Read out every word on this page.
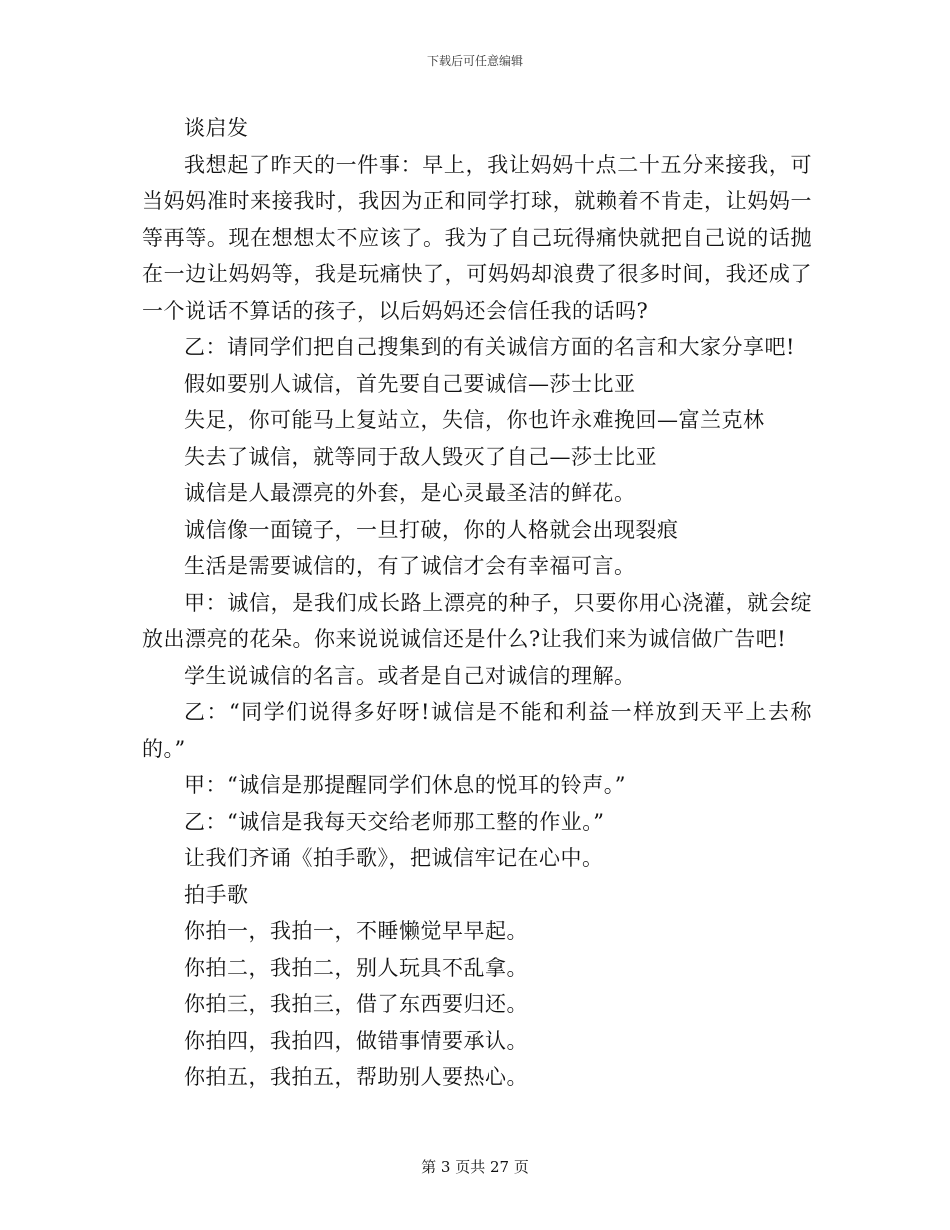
下载后可任意编辑

谈启发

我想起了昨天的一件事：早上，我让妈妈十点二十五分来接我，可当妈妈准时来接我时，我因为正和同学打球，就赖着不肯走，让妈妈一等再等。现在想想太不应该了。我为了自己玩得痛快就把自己说的话抛在一边让妈妈等，我是玩痛快了，可妈妈却浪费了很多时间，我还成了一个说话不算话的孩子，以后妈妈还会信任我的话吗?

乙：请同学们把自己搜集到的有关诚信方面的名言和大家分享吧!

假如要别人诚信，首先要自己要诚信—莎士比亚

失足，你可能马上复站立，失信，你也许永难挽回—富兰克林

失去了诚信，就等同于敌人毁灭了自己—莎士比亚

诚信是人最漂亮的外套，是心灵最圣洁的鲜花。

诚信像一面镜子，一旦打破，你的人格就会出现裂痕

生活是需要诚信的，有了诚信才会有幸福可言。

甲：诚信，是我们成长路上漂亮的种子，只要你用心浇灌，就会绽放出漂亮的花朵。你来说说诚信还是什么?让我们来为诚信做广告吧!

学生说诚信的名言。或者是自己对诚信的理解。

乙：“同学们说得多好呀!诚信是不能和利益一样放到天平上去称的。”

甲：“诚信是那提醒同学们休息的悦耳的铃声。”

乙：“诚信是我每天交给老师那工整的作业。”

让我们齐诵《拍手歌》，把诚信牢记在心中。

拍手歌

你拍一，我拍一，不睡懒觉早早起。

你拍二，我拍二，别人玩具不乱拿。

你拍三，我拍三，借了东西要归还。

你拍四，我拍四，做错事情要承认。

你拍五，我拍五，帮助别人要热心。

第 3 页共 27 页
